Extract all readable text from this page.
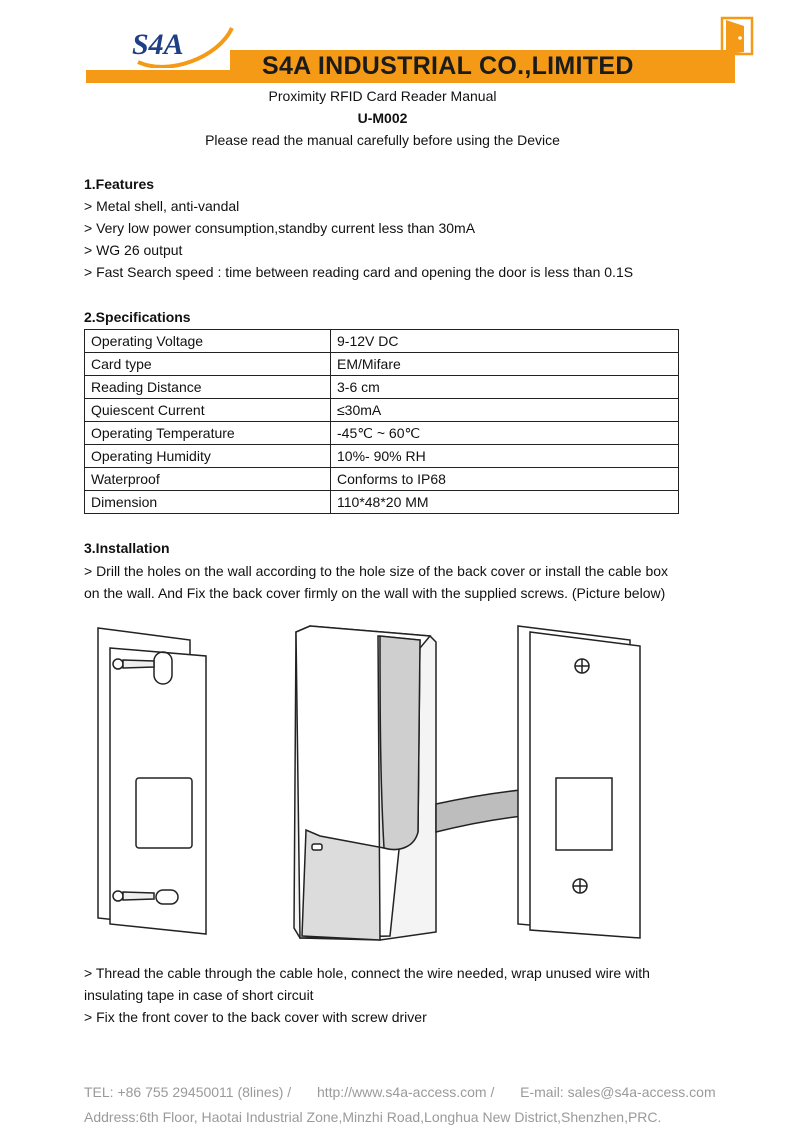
S4A
S4A INDUSTRIAL CO.,LIMITED
Proximity RFID Card Reader Manual
U-M002
Please read the manual carefully before using the Device
1.Features
> Metal shell, anti-vandal
> Very low power consumption,standby current less than 30mA
> WG 26 output
> Fast Search speed : time between reading card and opening the door is less than 0.1S
2.Specifications
Operating Voltage	9-12V DC
Card type	EM/Mifare
Reading Distance	3-6 cm
Quiescent Current	≤30mA
Operating Temperature	-45℃ ~ 60℃
Operating Humidity	10%- 90% RH
Waterproof	Conforms to IP68
Dimension	110*48*20 MM
3.Installation
> Drill the holes on the wall according to the hole size of the back cover or install the cable box on the wall. And Fix the back cover firmly on the wall with the supplied screws. (Picture below)
> Thread the cable through the cable hole, connect the wire needed, wrap unused wire with insulating tape in case of short circuit
> Fix the front cover to the back cover with screw driver
TEL: +86 755 29450011 (8lines) / http://www.s4a-access.com / E-mail: sales@s4a-access.com
Address:6th Floor, Haotai Industrial Zone,Minzhi Road,Longhua New District,Shenzhen,PRC.
